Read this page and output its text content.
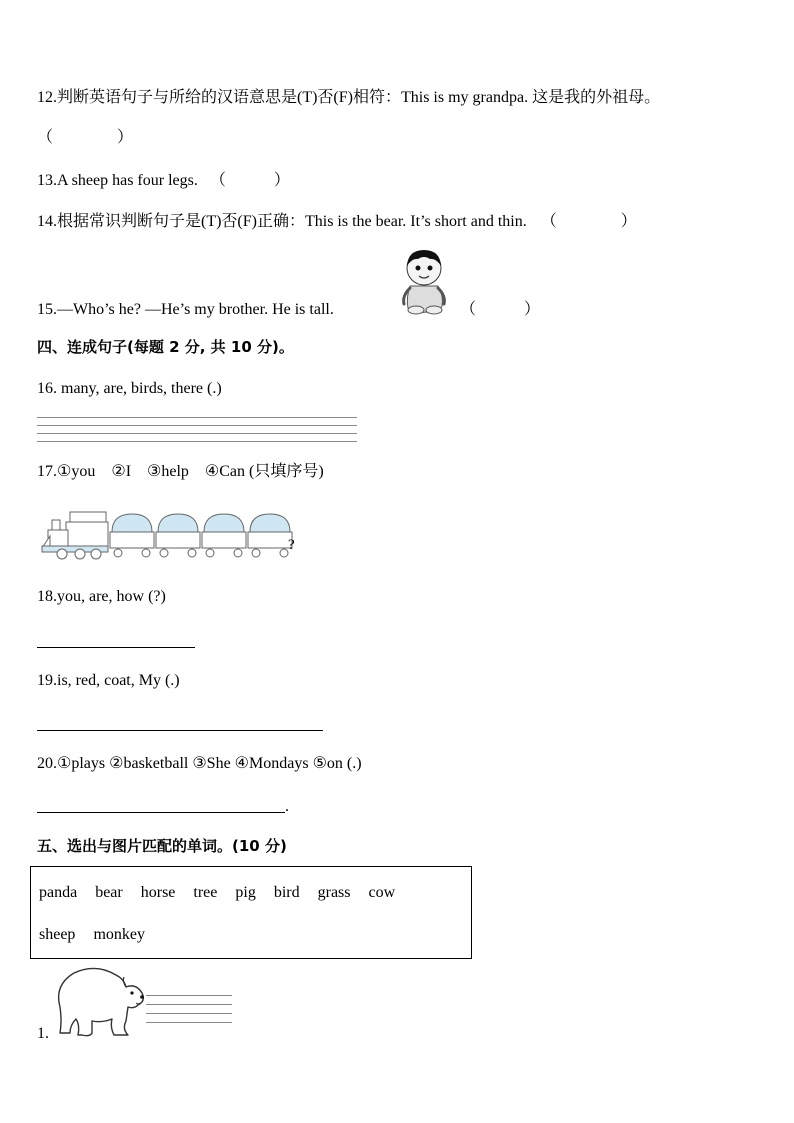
12.判断英语句子与所给的汉语意思是(T)否(F)相符：This is my grandpa. 这是我的外祖母。
（　　　　）
13.A sheep has four legs. （　　　）
14.根据常识判断句子是(T)否(F)正确：This is the bear. It’s short and thin. （　　　　）
15.—Who’s he? —He’s my brother. He is tall.	（　　　）
四、连成句子(每题 2 分, 共 10 分)。
16. many, are, birds, there (.)
17.①you　②I　③help　④Can (只填序号)
?
18.you, are, how (?)
19.is, red, coat, My (.)
20.①plays ②basketball ③She ④Mondays ⑤on (.)
.
五、选出与图片匹配的单词。(10 分)
panda bear horse tree pig bird grass cow
sheep monkey
1.
